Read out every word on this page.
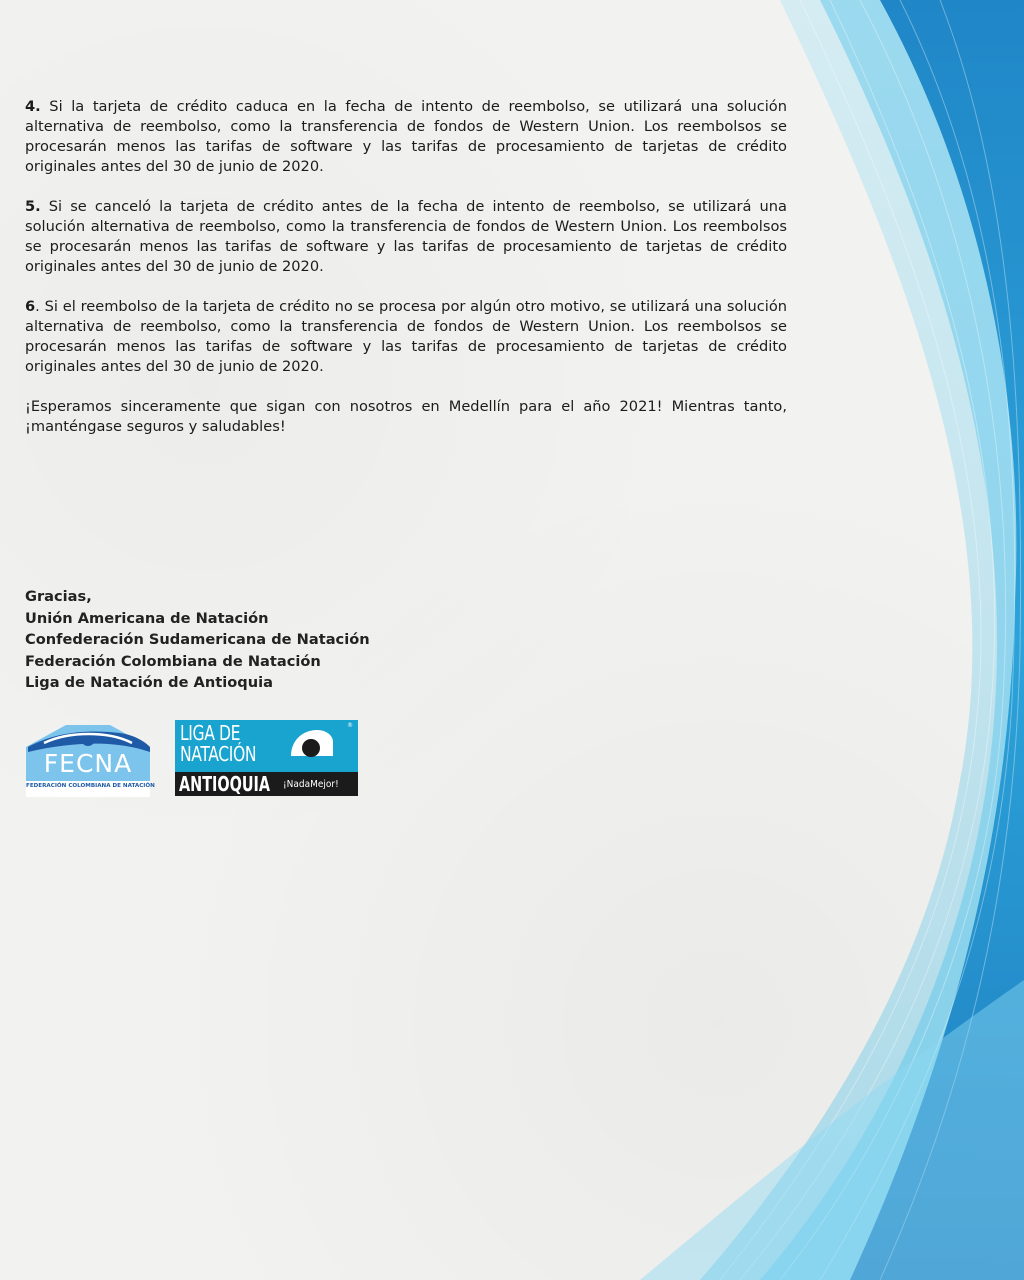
4. Si la tarjeta de crédito caduca en la fecha de intento de reembolso, se utilizará una solución alternativa de reembolso, como la transferencia de fondos de Western Union. Los reembolsos se procesarán menos las tarifas de software y las tarifas de procesamiento de tarjetas de crédito originales antes del 30 de junio de 2020.

5. Si se canceló la tarjeta de crédito antes de la fecha de intento de reembolso, se utilizará una solución alternativa de reembolso, como la transferencia de fondos de Western Union. Los reembolsos se procesarán menos las tarifas de software y las tarifas de procesamiento de tarjetas de crédito originales antes del 30 de junio de 2020.

6. Si el reembolso de la tarjeta de crédito no se procesa por algún otro motivo, se utilizará una solución alternativa de reembolso, como la transferencia de fondos de Western Union. Los reembolsos se procesarán menos las tarifas de software y las tarifas de procesamiento de tarjetas de crédito originales antes del 30 de junio de 2020.

¡Esperamos sinceramente que sigan con nosotros en Medellín para el año 2021! Mientras tanto, ¡manténgase seguros y saludables!

Gracias,
Unión Americana de Natación
Confederación Sudamericana de Natación
Federación Colombiana de Natación
Liga de Natación de Antioquia
FECNA
FEDERACIÓN COLOMBIANA DE NATACIÓN
LIGA DE
NATACIÓN
®
ANTIOQUIA ¡NadaMejor!
